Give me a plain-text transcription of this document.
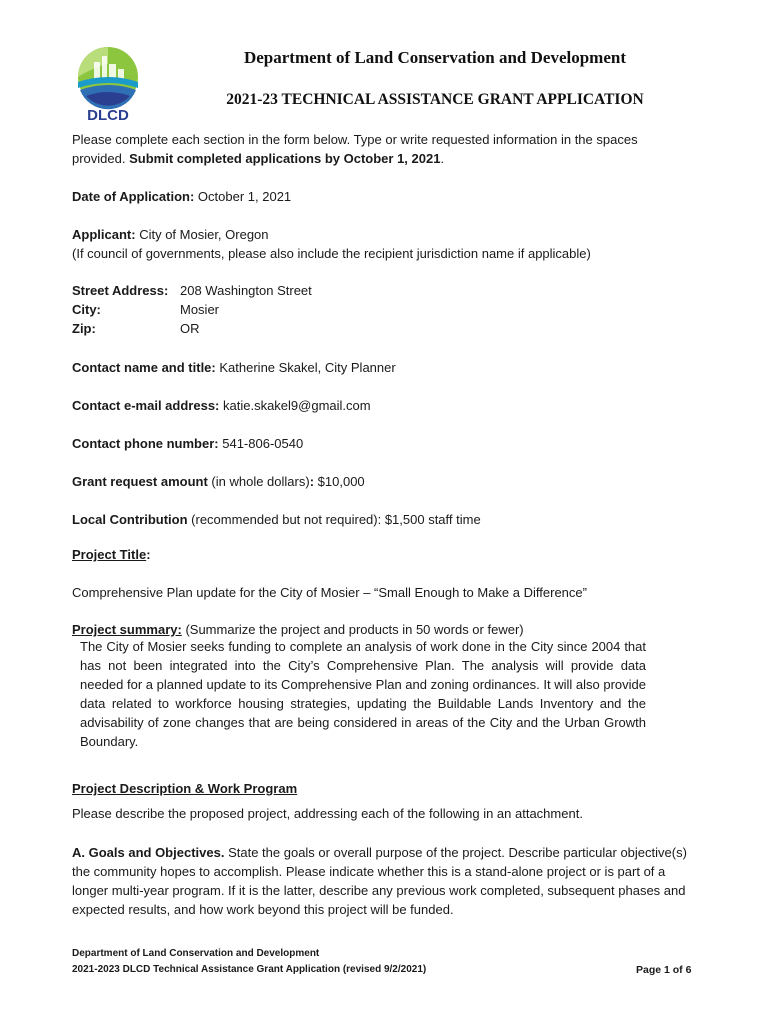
DLCD
Department of Land Conservation and Development
2021-23 TECHNICAL ASSISTANCE GRANT APPLICATION
Please complete each section in the form below. Type or write requested information in the spaces
provided. Submit completed applications by October 1, 2021.
Date of Application: October 1, 2021
Applicant: City of Mosier, Oregon
(If council of governments, please also include the recipient jurisdiction name if applicable)
Street Address: 208 Washington Street
City:	Mosier
Zip:	OR
Contact name and title: Katherine Skakel, City Planner
Contact e-mail address: katie.skakel9@gmail.com
Contact phone number: 541-806-0540
Grant request amount (in whole dollars): $10,000
Local Contribution (recommended but not required): $1,500 staff time
Project Title:
Comprehensive Plan update for the City of Mosier – “Small Enough to Make a Difference”
Project summary: (Summarize the project and products in 50 words or fewer)
The City of Mosier seeks funding to complete an analysis of work done in the City since 2004 that has not been integrated into the City’s Comprehensive Plan. The analysis will provide data needed for a planned update to its Comprehensive Plan and zoning ordinances. It will also provide data related to workforce housing strategies, updating the Buildable Lands Inventory and the advisability of zone changes that are being considered in areas of the City and the Urban Growth Boundary.
Project Description & Work Program
Please describe the proposed project, addressing each of the following in an attachment.
A. Goals and Objectives. State the goals or overall purpose of the project. Describe particular objective(s) the community hopes to accomplish. Please indicate whether this is a stand-alone project or is part of a longer multi-year program. If it is the latter, describe any previous work completed, subsequent phases and expected results, and how work beyond this project will be funded.
Department of Land Conservation and Development
2021-2023 DLCD Technical Assistance Grant Application (revised 9/2/2021)	Page 1 of 6
